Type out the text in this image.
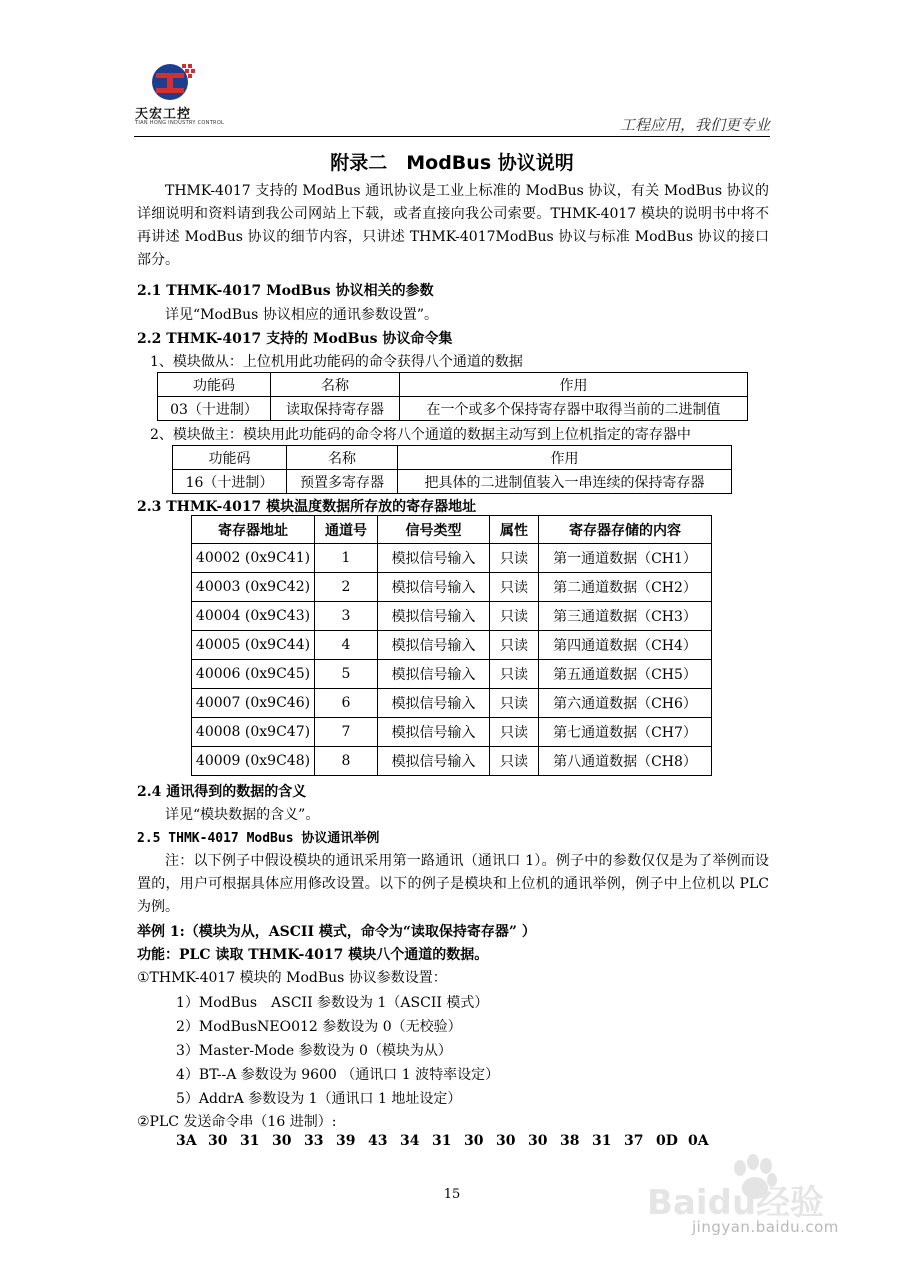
天宏工控
TIAN HONG INDUSTRY CONTROL	工程应用，我们更专业
附录二　ModBus 协议说明
THMK-4017 支持的 ModBus 通讯协议是工业上标准的 ModBus 协议，有关 ModBus 协议的详细说明和资料请到我公司网站上下载，或者直接向我公司索要。THMK-4017 模块的说明书中将不再讲述 ModBus 协议的细节内容，只讲述 THMK-4017ModBus 协议与标准 ModBus 协议的接口部分。
2.1 THMK-4017 ModBus 协议相关的参数
详见“ModBus 协议相应的通讯参数设置”。
2.2 THMK-4017 支持的 ModBus 协议命令集
1、模块做从：上位机用此功能码的命令获得八个通道的数据
功能码	名称	作用
03（十进制）	读取保持寄存器	在一个或多个保持寄存器中取得当前的二进制值
2、模块做主：模块用此功能码的命令将八个通道的数据主动写到上位机指定的寄存器中
功能码	名称	作用
16（十进制）	预置多寄存器	把具体的二进制值装入一串连续的保持寄存器
2.3 THMK-4017 模块温度数据所存放的寄存器地址
寄存器地址	通道号	信号类型	属性	寄存器存储的内容
40002 (0x9C41)	1	模拟信号输入	只读	第一通道数据（CH1）
40003 (0x9C42)	2	模拟信号输入	只读	第二通道数据（CH2）
40004 (0x9C43)	3	模拟信号输入	只读	第三通道数据（CH3）
40005 (0x9C44)	4	模拟信号输入	只读	第四通道数据（CH4）
40006 (0x9C45)	5	模拟信号输入	只读	第五通道数据（CH5）
40007 (0x9C46)	6	模拟信号输入	只读	第六通道数据（CH6）
40008 (0x9C47)	7	模拟信号输入	只读	第七通道数据（CH7）
40009 (0x9C48)	8	模拟信号输入	只读	第八通道数据（CH8）
2.4 通讯得到的数据的含义
详见“模块数据的含义”。
2.5 THMK-4017 ModBus 协议通讯举例
注：以下例子中假设模块的通讯采用第一路通讯（通讯口 1）。例子中的参数仅仅是为了举例而设置的，用户可根据具体应用修改设置。以下的例子是模块和上位机的通讯举例，例子中上位机以 PLC 为例。
举例 1:（模块为从，ASCII 模式，命令为“读取保持寄存器” ）
功能：PLC 读取 THMK-4017 模块八个通道的数据。
①THMK-4017 模块的 ModBus 协议参数设置：
1）ModBus　ASCII 参数设为 1（ASCII 模式）
2）ModBusNEO012 参数设为 0（无校验）
3）Master-Mode 参数设为 0（模块为从）
4）BT--A 参数设为 9600 （通讯口 1 波特率设定）
5）AddrA 参数设为 1（通讯口 1 地址设定）
②PLC 发送命令串（16 进制）:
3A 30 31 30 33 39 43 34 31 30 30 30 38 31 37 0D 0A
15	Baidu经验
jingyan.baidu.com
